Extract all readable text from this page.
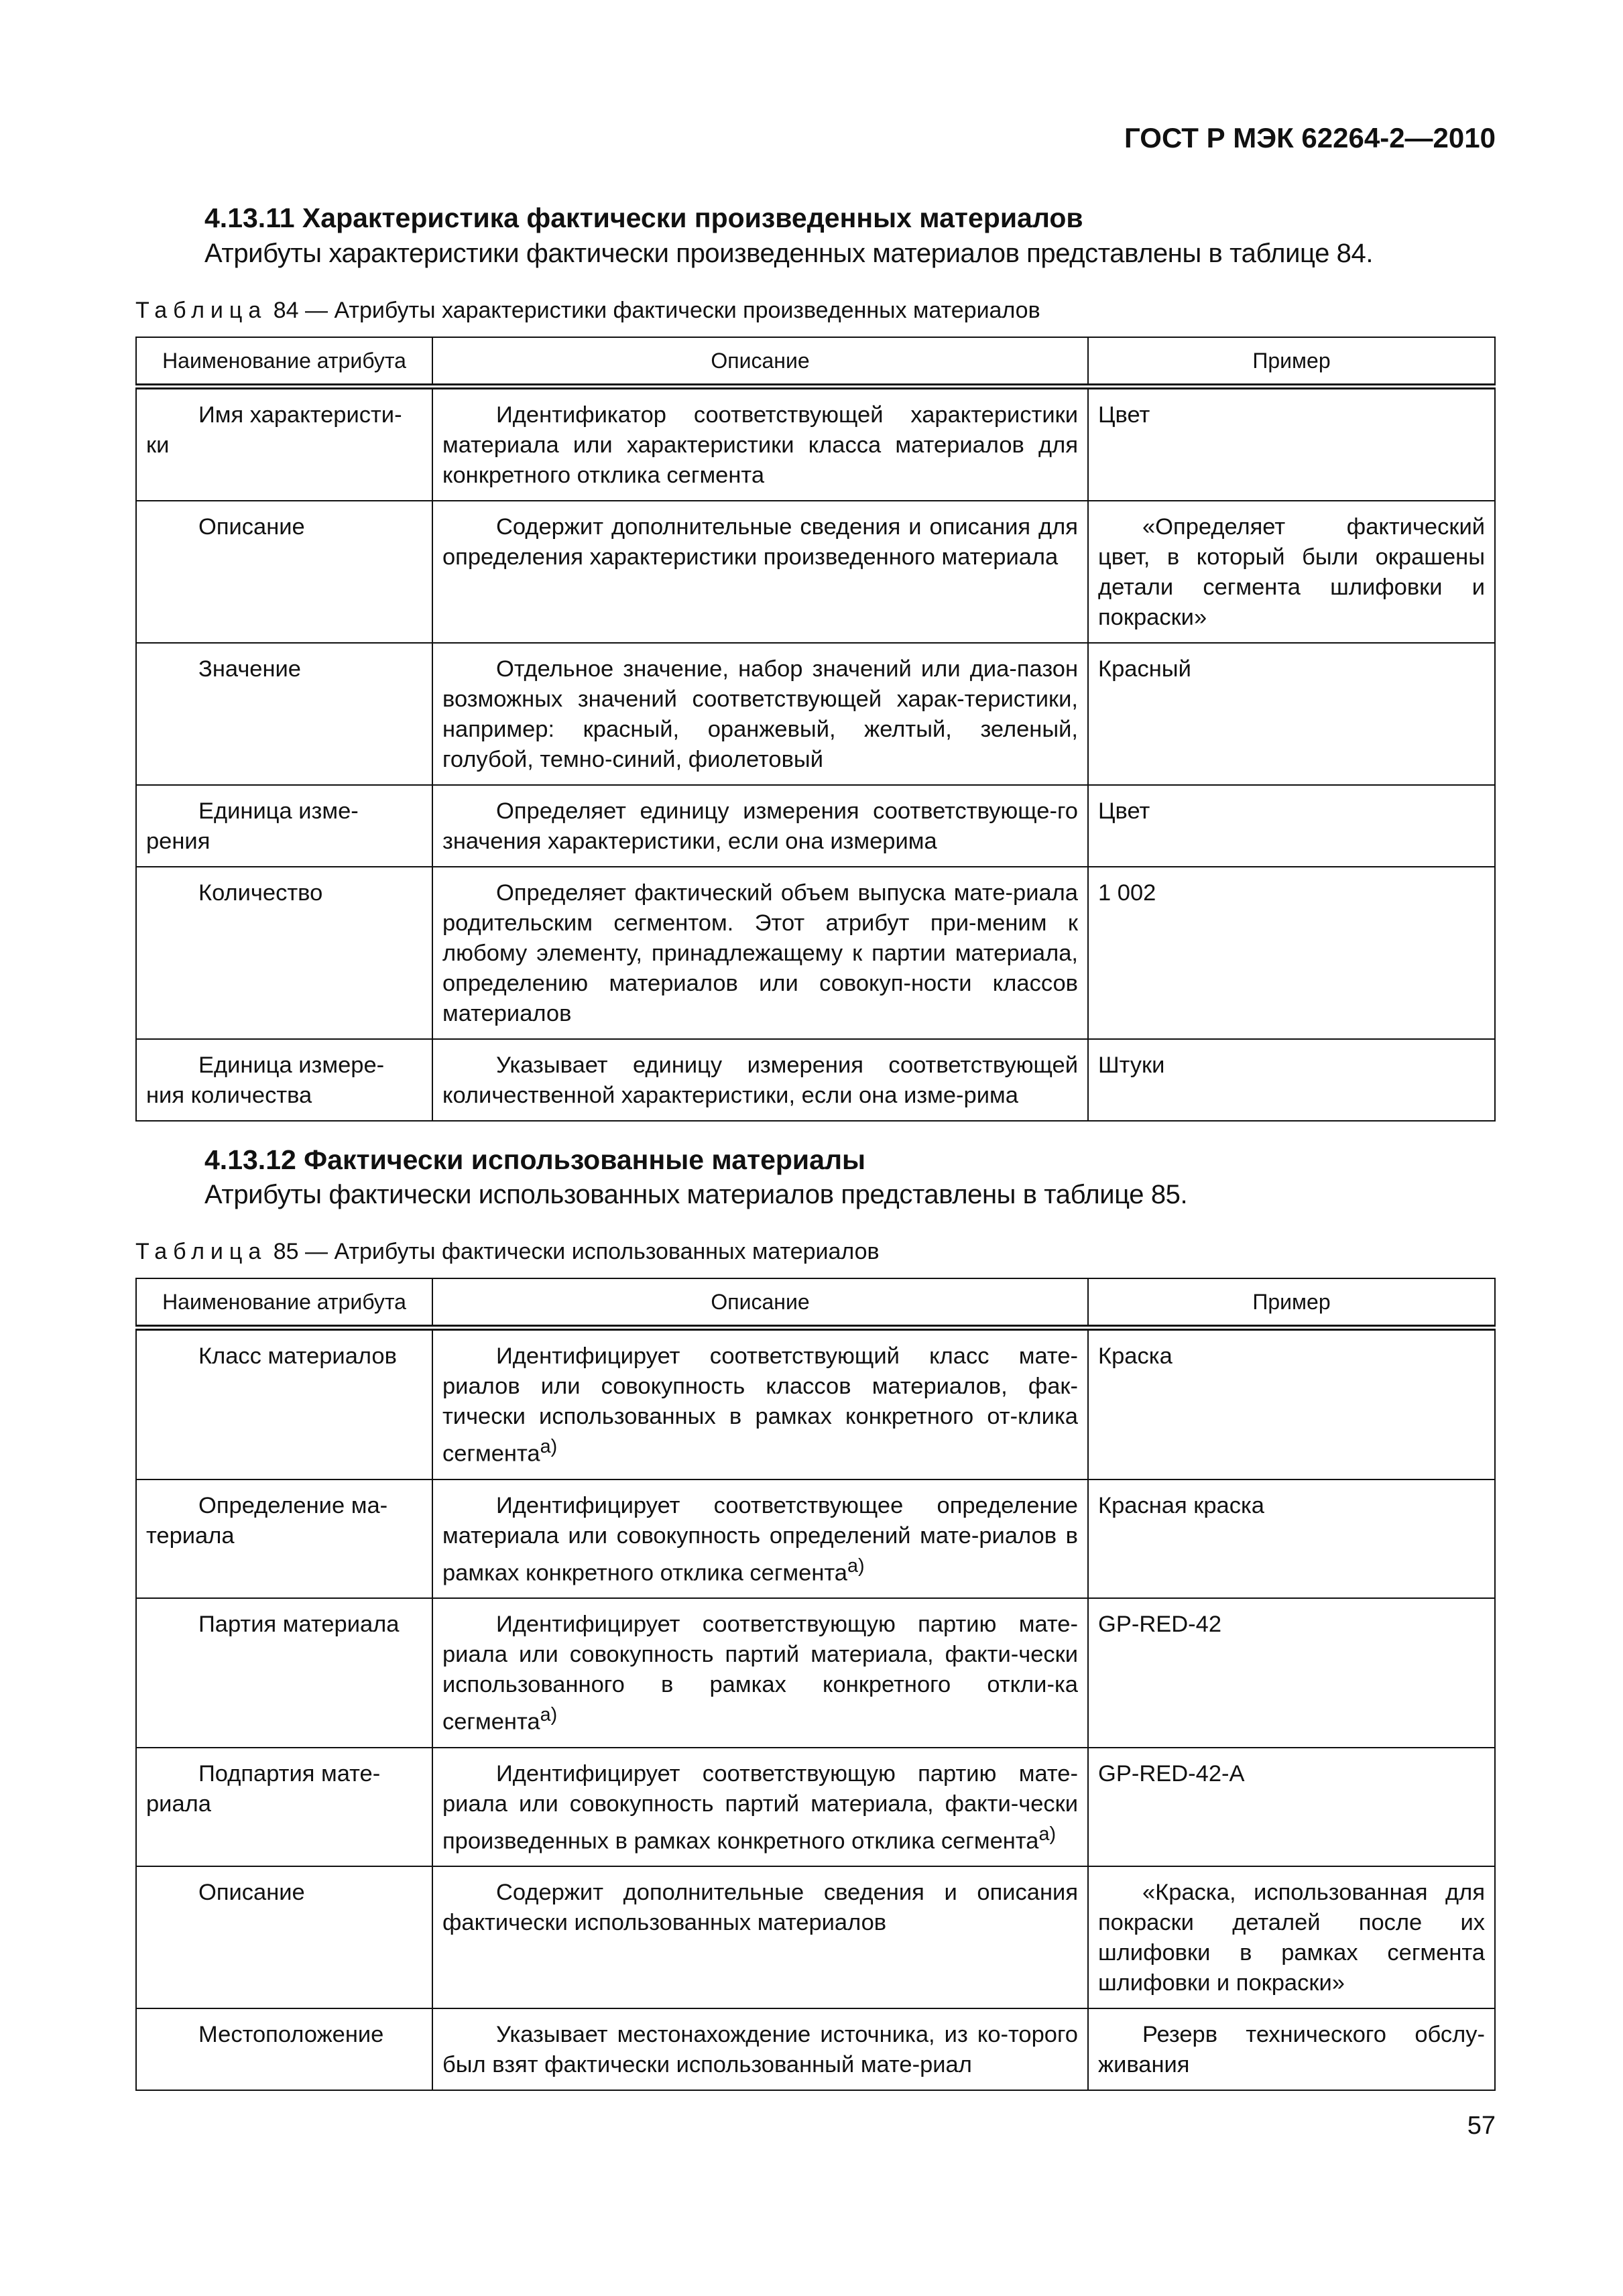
ГОСТ Р МЭК 62264-2—2010
4.13.11 Характеристика фактически произведенных материалов
Атрибуты характеристики фактически произведенных материалов представлены в таблице 84.
Таблица 84 — Атрибуты характеристики фактически произведенных материалов
Наименование атрибута	Описание	Пример
Имя характеристи-ки	Идентификатор соответствующей характеристики материала или характеристики класса материалов для конкретного отклика сегмента	Цвет
Описание	Содержит дополнительные сведения и описания для определения характеристики произведенного материала	«Определяет фактический цвет, в который были окрашены детали сегмента шлифовки и покраски»
Значение	Отдельное значение, набор значений или диа-пазон возможных значений соответствующей харак-теристики, например: красный, оранжевый, желтый, зеленый, голубой, темно-синий, фиолетовый	Красный
Единица изме-рения	Определяет единицу измерения соответствующе-го значения характеристики, если она измерима	Цвет
Количество	Определяет фактический объем выпуска мате-риала родительским сегментом. Этот атрибут при-меним к любому элементу, принадлежащему к партии материала, определению материалов или совокуп-ности классов материалов	1 002
Единица измере-ния количества	Указывает единицу измерения соответствующей количественной характеристики, если она изме-рима	Штуки
4.13.12 Фактически использованные материалы
Атрибуты фактически использованных материалов представлены в таблице 85.
Таблица 85 — Атрибуты фактически использованных материалов
Наименование атрибута	Описание	Пример
Класс материалов	Идентифицирует соответствующий класс мате-риалов или совокупность классов материалов, фак-тически использованных в рамках конкретного от-клика сегмента$^{а)}$	Краска
Определение ма-териала	Идентифицирует соответствующее определение материала или совокупность определений мате-риалов в рамках конкретного отклика сегмента$^{а)}$	Красная краска
Партия материала	Идентифицирует соответствующую партию мате-риала или совокупность партий материала, факти-чески использованного в рамках конкретного откли-ка сегмента$^{а)}$	GP-RED-42
Подпартия мате-риала	Идентифицирует соответствующую партию мате-риала или совокупность партий материала, факти-чески произведенных в рамках конкретного отклика сегмента$^{а)}$	GP-RED-42-A
Описание	Содержит дополнительные сведения и описания фактически использованных материалов	«Краска, использованная для покраски деталей после их шлифовки в рамках сегмента шлифовки и покраски»
Местоположение	Указывает местонахождение источника, из ко-торого был взят фактически использованный мате-риал	Резерв технического обслу-живания
57
